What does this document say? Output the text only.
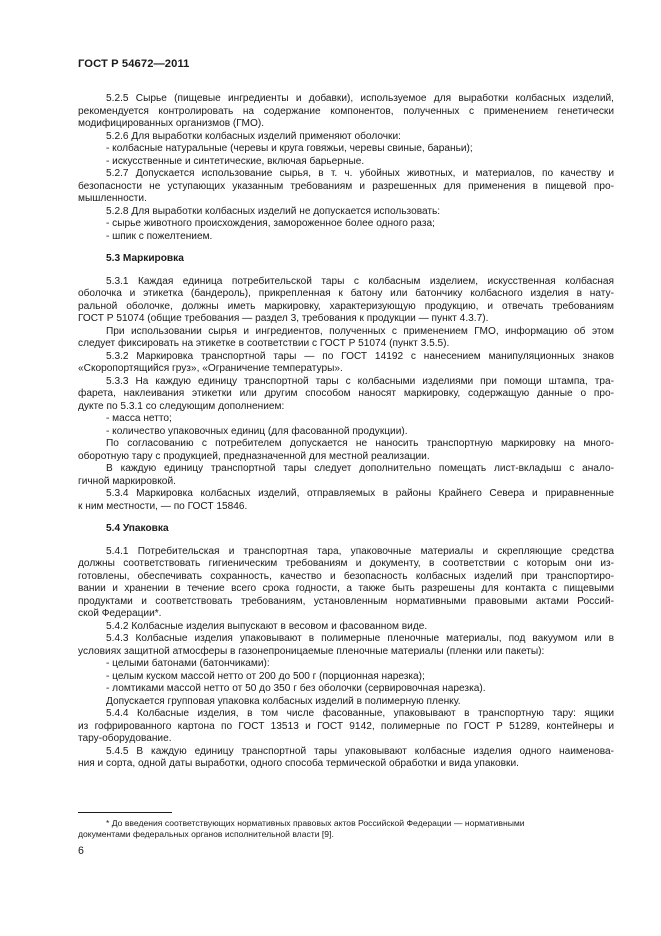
ГОСТ Р 54672—2011

5.2.5 Сырье (пищевые ингредиенты и добавки), используемое для выработки колбасных изделий,

рекомендуется контролировать на содержание компонентов, полученных с применением генетически

модифицированных организмов (ГМО).

5.2.6 Для выработки колбасных изделий применяют оболочки:

- колбасные натуральные (черевы и круга говяжьи, черевы свиные, бараньи);

- искусственные и синтетические, включая барьерные.

5.2.7 Допускается использование сырья, в т. ч. убойных животных, и материалов, по качеству и

безопасности не уступающих указанным требованиям и разрешенных для применения в пищевой про-

мышленности.

5.2.8 Для выработки колбасных изделий не допускается использовать:

- сырье животного происхождения, замороженное более одного раза;

- шпик с пожелтением.

5.3 Маркировка

5.3.1 Каждая единица потребительской тары с колбасным изделием, искусственная колбасная

оболочка и этикетка (бандероль), прикрепленная к батону или батончику колбасного изделия в нату-

ральной оболочке, должны иметь маркировку, характеризующую продукцию, и отвечать требованиям

ГОСТ Р 51074 (общие требования — раздел 3, требования к продукции — пункт 4.3.7).

При использовании сырья и ингредиентов, полученных с применением ГМО, информацию об этом

следует фиксировать на этикетке в соответствии с ГОСТ Р 51074 (пункт 3.5.5).

5.3.2 Маркировка транспортной тары — по ГОСТ 14192 с нанесением манипуляционных знаков

«Скоропортящийся груз», «Ограничение температуры».

5.3.3 На каждую единицу транспортной тары с колбасными изделиями при помощи штампа, тра-

фарета, наклеивания этикетки или другим способом наносят маркировку, содержащую данные о про-

дукте по 5.3.1 со следующим дополнением:

- масса нетто;

- количество упаковочных единиц (для фасованной продукции).

По согласованию с потребителем допускается не наносить транспортную маркировку на много-

оборотную тару с продукцией, предназначенной для местной реализации.

В каждую единицу транспортной тары следует дополнительно помещать лист-вкладыш с анало-

гичной маркировкой.

5.3.4 Маркировка колбасных изделий, отправляемых в районы Крайнего Севера и приравненные

к ним местности, — по ГОСТ 15846.

5.4 Упаковка

5.4.1 Потребительская и транспортная тара, упаковочные материалы и скрепляющие средства

должны соответствовать гигиеническим требованиям и документу, в соответствии с которым они из-

готовлены, обеспечивать сохранность, качество и безопасность колбасных изделий при транспортиро-

вании и хранении в течение всего срока годности, а также быть разрешены для контакта с пищевыми

продуктами и соответствовать требованиям, установленным нормативными правовыми актами Россий-

ской Федерации*.

5.4.2 Колбасные изделия выпускают в весовом и фасованном виде.

5.4.3 Колбасные изделия упаковывают в полимерные пленочные материалы, под вакуумом или в

условиях защитной атмосферы в газонепроницаемые пленочные материалы (пленки или пакеты):

- целыми батонами (батончиками):

- целым куском массой нетто от 200 до 500 г (порционная нарезка);

- ломтиками массой нетто от 50 до 350 г без оболочки (сервировочная нарезка).

Допускается групповая упаковка колбасных изделий в полимерную пленку.

5.4.4 Колбасные изделия, в том числе фасованные, упаковывают в транспортную тару: ящики

из гофрированного картона по ГОСТ 13513 и ГОСТ 9142, полимерные по ГОСТ Р 51289, контейнеры и

тару-оборудование.

5.4.5 В каждую единицу транспортной тары упаковывают колбасные изделия одного наименова-

ния и сорта, одной даты выработки, одного способа термической обработки и вида упаковки.

* До введения соответствующих нормативных правовых актов Российской Федерации — нормативными

документами федеральных органов исполнительной власти [9].

6
